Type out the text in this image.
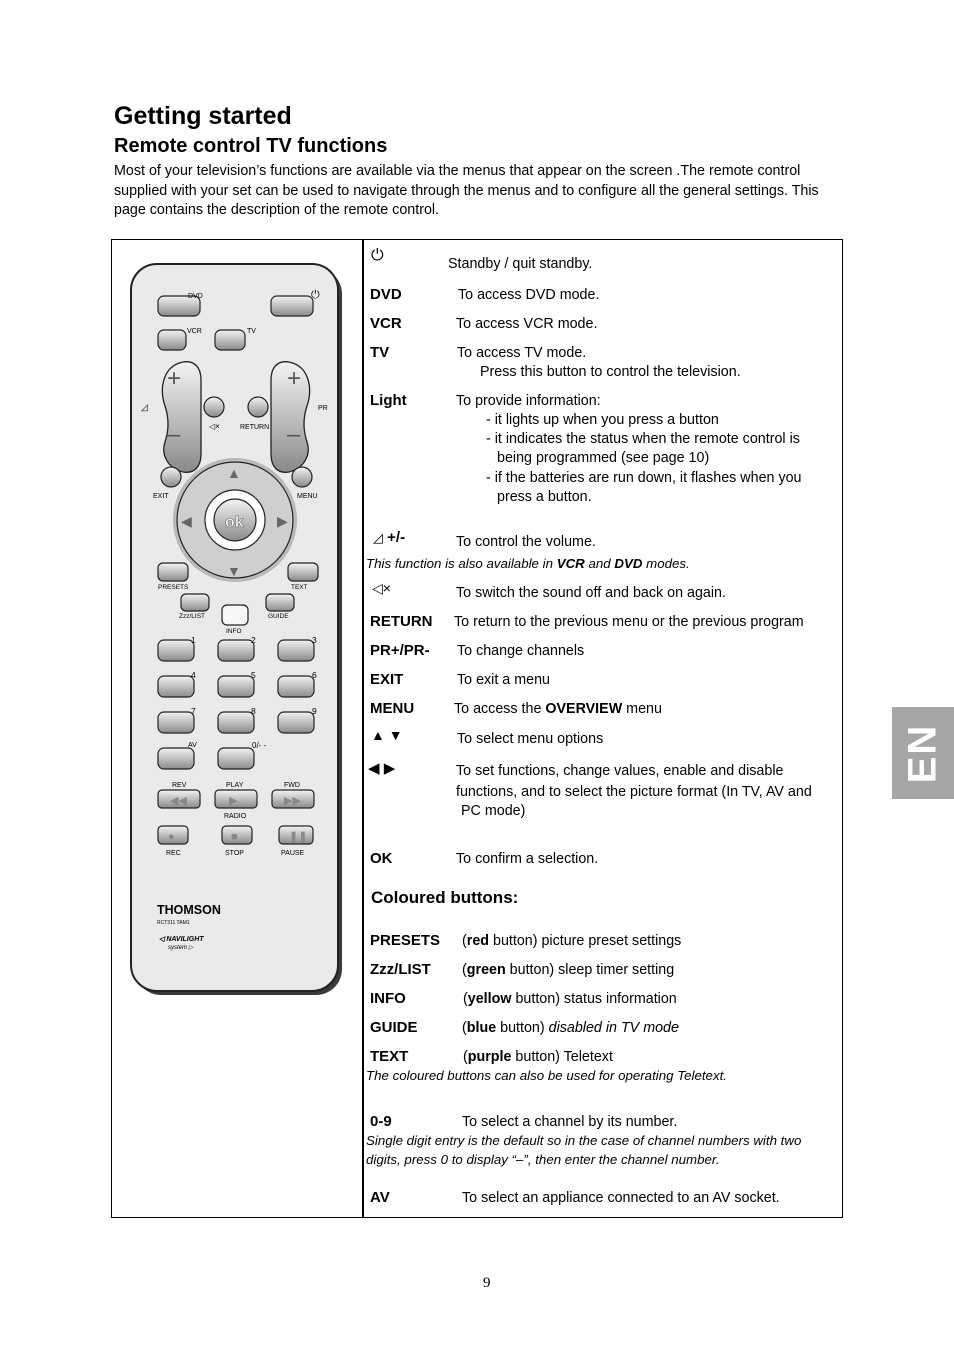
Getting started
Remote control TV functions

Most of your television’s functions are available via the menus that appear on the screen .The remote control supplied with your set can be used to navigate through the menus and to configure all the general settings. This page contains the description of the remote control.

DVD	⏻
VCR	TV
+
–
+
–
◿	PR
◁×	RETURN
EXIT	MENU
ok
▲
▼
◀	▶
PRESETS	TEXT
Zzz/LIST
INFO
GUIDE
1	2	3
4	5	6
7	8	9
AV	0/- -
REV	PLAY	FWD
RADIO
REC	STOP	PAUSE
◀◀	▶	▶▶
●	■	❚❚
THOMSON
RCT311 TAM1
◁ NAVILIGHT
system ▷
⏻	Standby / quit standby.
DVD	To access DVD mode.
VCR	To access VCR mode.
TV	To access TV mode.
Press this button to control the television.
Light	To provide information:
- it lights up when you press a button
- it indicates the status when the remote control is
being programmed (see page 10)
- if the batteries are run down, it flashes when you
press a button.
◿ +/-	To control the volume.
This function is also available in VCR and DVD modes.
◁×	To switch the sound off and back on again.
RETURN To return to the previous menu or the previous program
PR+/PR- To change channels
EXIT	To exit a menu
MENU	To access the OVERVIEW menu
▲ ▼	To select menu options
◀ ▶	To set functions, change values, enable and disable
functions, and to select the picture format (In TV, AV and
PC mode)
OK	To confirm a selection.
Coloured buttons:
PRESETS (red button) picture preset settings
Zzz/LIST (green button) sleep timer setting
INFO	(yellow button) status information
GUIDE	(blue button) disabled in TV mode
TEXT	(purple button) Teletext
The coloured buttons can also be used for operating Teletext.
0-9	To select a channel by its number.
Single digit entry is the default so in the case of channel numbers with two
digits, press 0 to display “–”, then enter the channel number.
AV	To select an appliance connected to an AV socket.
EN
9
